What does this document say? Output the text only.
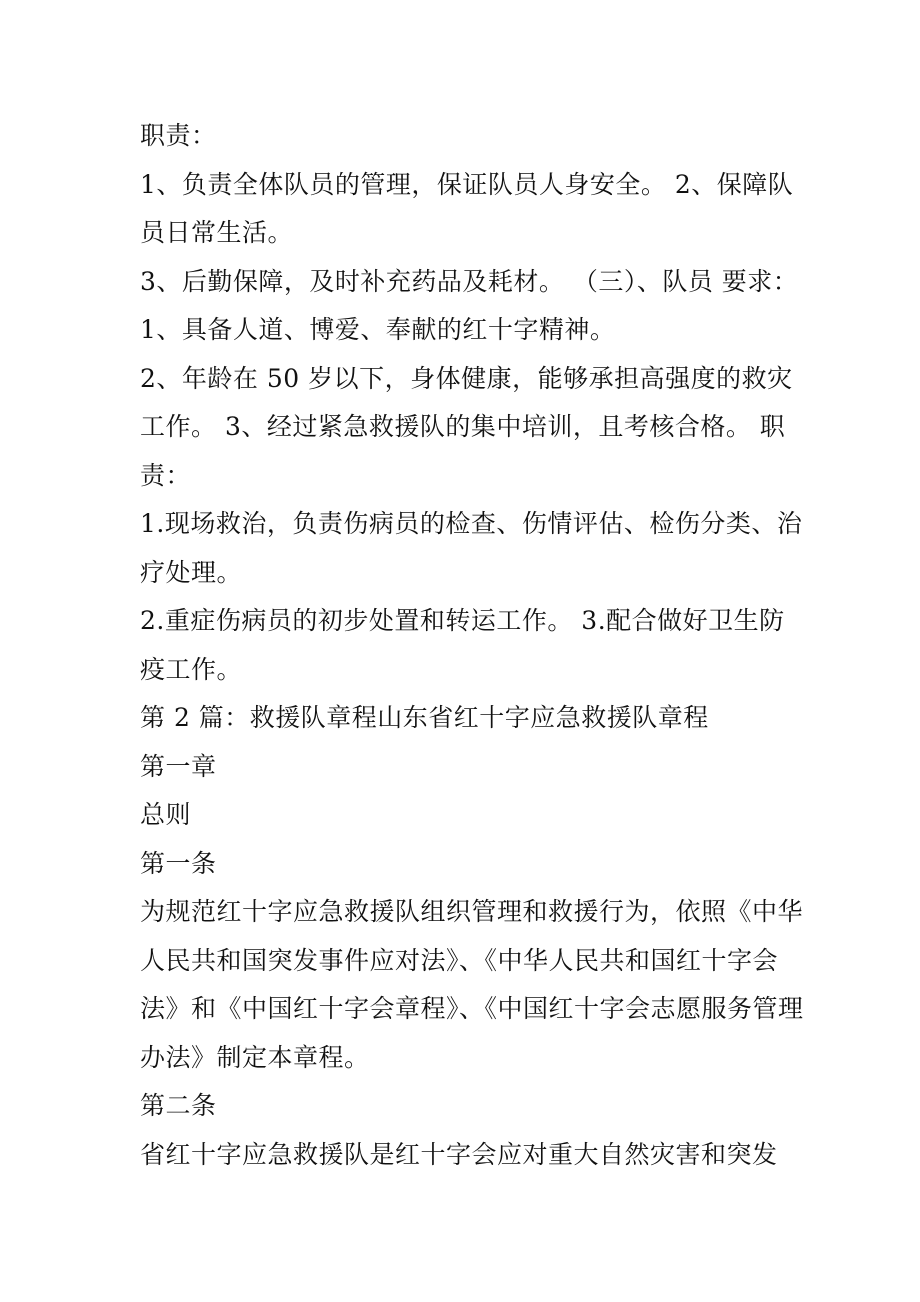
职责：
1、负责全体队员的管理，保证队员人身安全。 2、保障队
员日常生活。
3、后勤保障，及时补充药品及耗材。 （三）、队员 要求：
1、具备人道、博爱、奉献的红十字精神。
2、年龄在 50 岁以下，身体健康，能够承担高强度的救灾
工作。 3、经过紧急救援队的集中培训，且考核合格。 职
责：
1.现场救治，负责伤病员的检查、伤情评估、检伤分类、治
疗处理。
2.重症伤病员的初步处置和转运工作。 3.配合做好卫生防
疫工作。
第 2 篇：救援队章程山东省红十字应急救援队章程
第一章
总则
第一条
为规范红十字应急救援队组织管理和救援行为，依照《中华
人民共和国突发事件应对法》、《中华人民共和国红十字会
法》和《中国红十字会章程》、《中国红十字会志愿服务管理
办法》制定本章程。
第二条
省红十字应急救援队是红十字会应对重大自然灾害和突发
